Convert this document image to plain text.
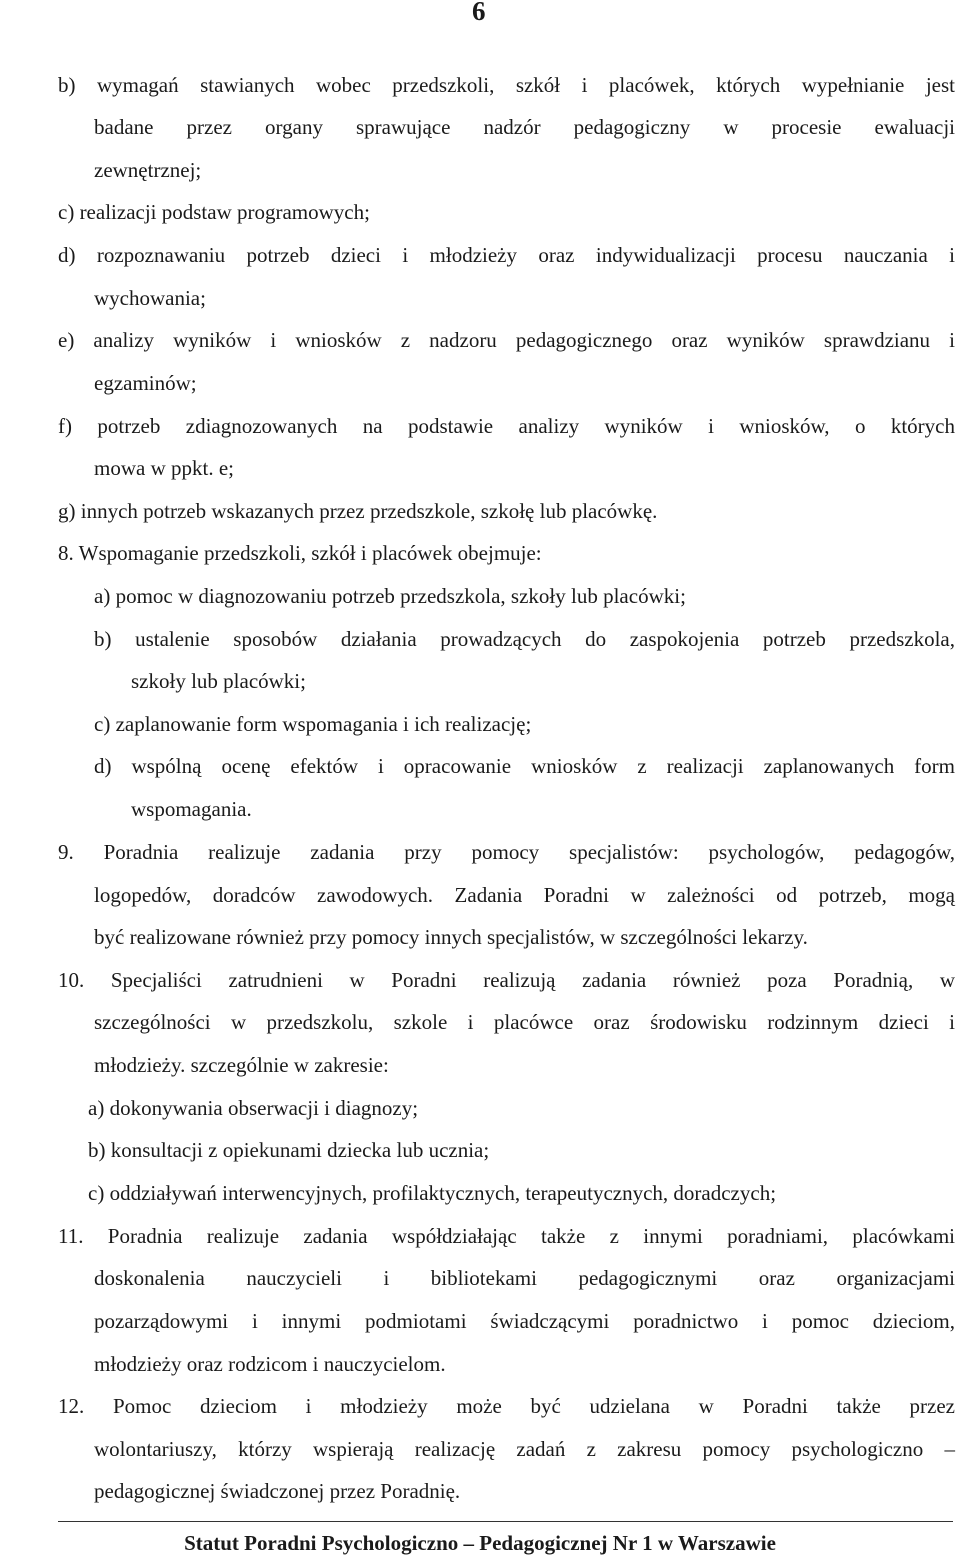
6
b) wymagań stawianych wobec przedszkoli, szkół i placówek, których wypełnianie jest
badane przez organy sprawujące nadzór pedagogiczny w procesie ewaluacji
zewnętrznej;
c) realizacji podstaw programowych;
d) rozpoznawaniu potrzeb dzieci i młodzieży oraz indywidualizacji procesu nauczania i
wychowania;
e) analizy wyników i wniosków z nadzoru pedagogicznego oraz wyników sprawdzianu i
egzaminów;
f) potrzeb zdiagnozowanych na podstawie analizy wyników i wniosków, o których
mowa w ppkt. e;
g) innych potrzeb wskazanych przez przedszkole, szkołę lub placówkę.
8. Wspomaganie przedszkoli, szkół i placówek obejmuje:
a) pomoc w diagnozowaniu potrzeb przedszkola, szkoły lub placówki;
b) ustalenie sposobów działania prowadzących do zaspokojenia potrzeb przedszkola,
szkoły lub placówki;
c) zaplanowanie form wspomagania i ich realizację;
d) wspólną ocenę efektów i opracowanie wniosków z realizacji zaplanowanych form
wspomagania.
9. Poradnia realizuje zadania przy pomocy specjalistów: psychologów, pedagogów,
logopedów, doradców zawodowych. Zadania Poradni w zależności od potrzeb, mogą
być realizowane również przy pomocy innych specjalistów, w szczególności lekarzy.
10. Specjaliści zatrudnieni w Poradni realizują zadania również poza Poradnią, w
szczególności w przedszkolu, szkole i placówce oraz środowisku rodzinnym dzieci i
młodzieży. szczególnie w zakresie:
a) dokonywania obserwacji i diagnozy;
b) konsultacji z opiekunami dziecka lub ucznia;
c) oddziaływań interwencyjnych, profilaktycznych, terapeutycznych, doradczych;
11. Poradnia realizuje zadania współdziałając także z innymi poradniami, placówkami
doskonalenia nauczycieli i bibliotekami pedagogicznymi oraz organizacjami
pozarządowymi i innymi podmiotami świadczącymi poradnictwo i pomoc dzieciom,
młodzieży oraz rodzicom i nauczycielom.
12. Pomoc dzieciom i młodzieży może być udzielana w Poradni także przez
wolontariuszy, którzy wspierają realizację zadań z zakresu pomocy psychologiczno –
pedagogicznej świadczonej przez Poradnię.
Statut Poradni Psychologiczno – Pedagogicznej Nr 1 w Warszawie
